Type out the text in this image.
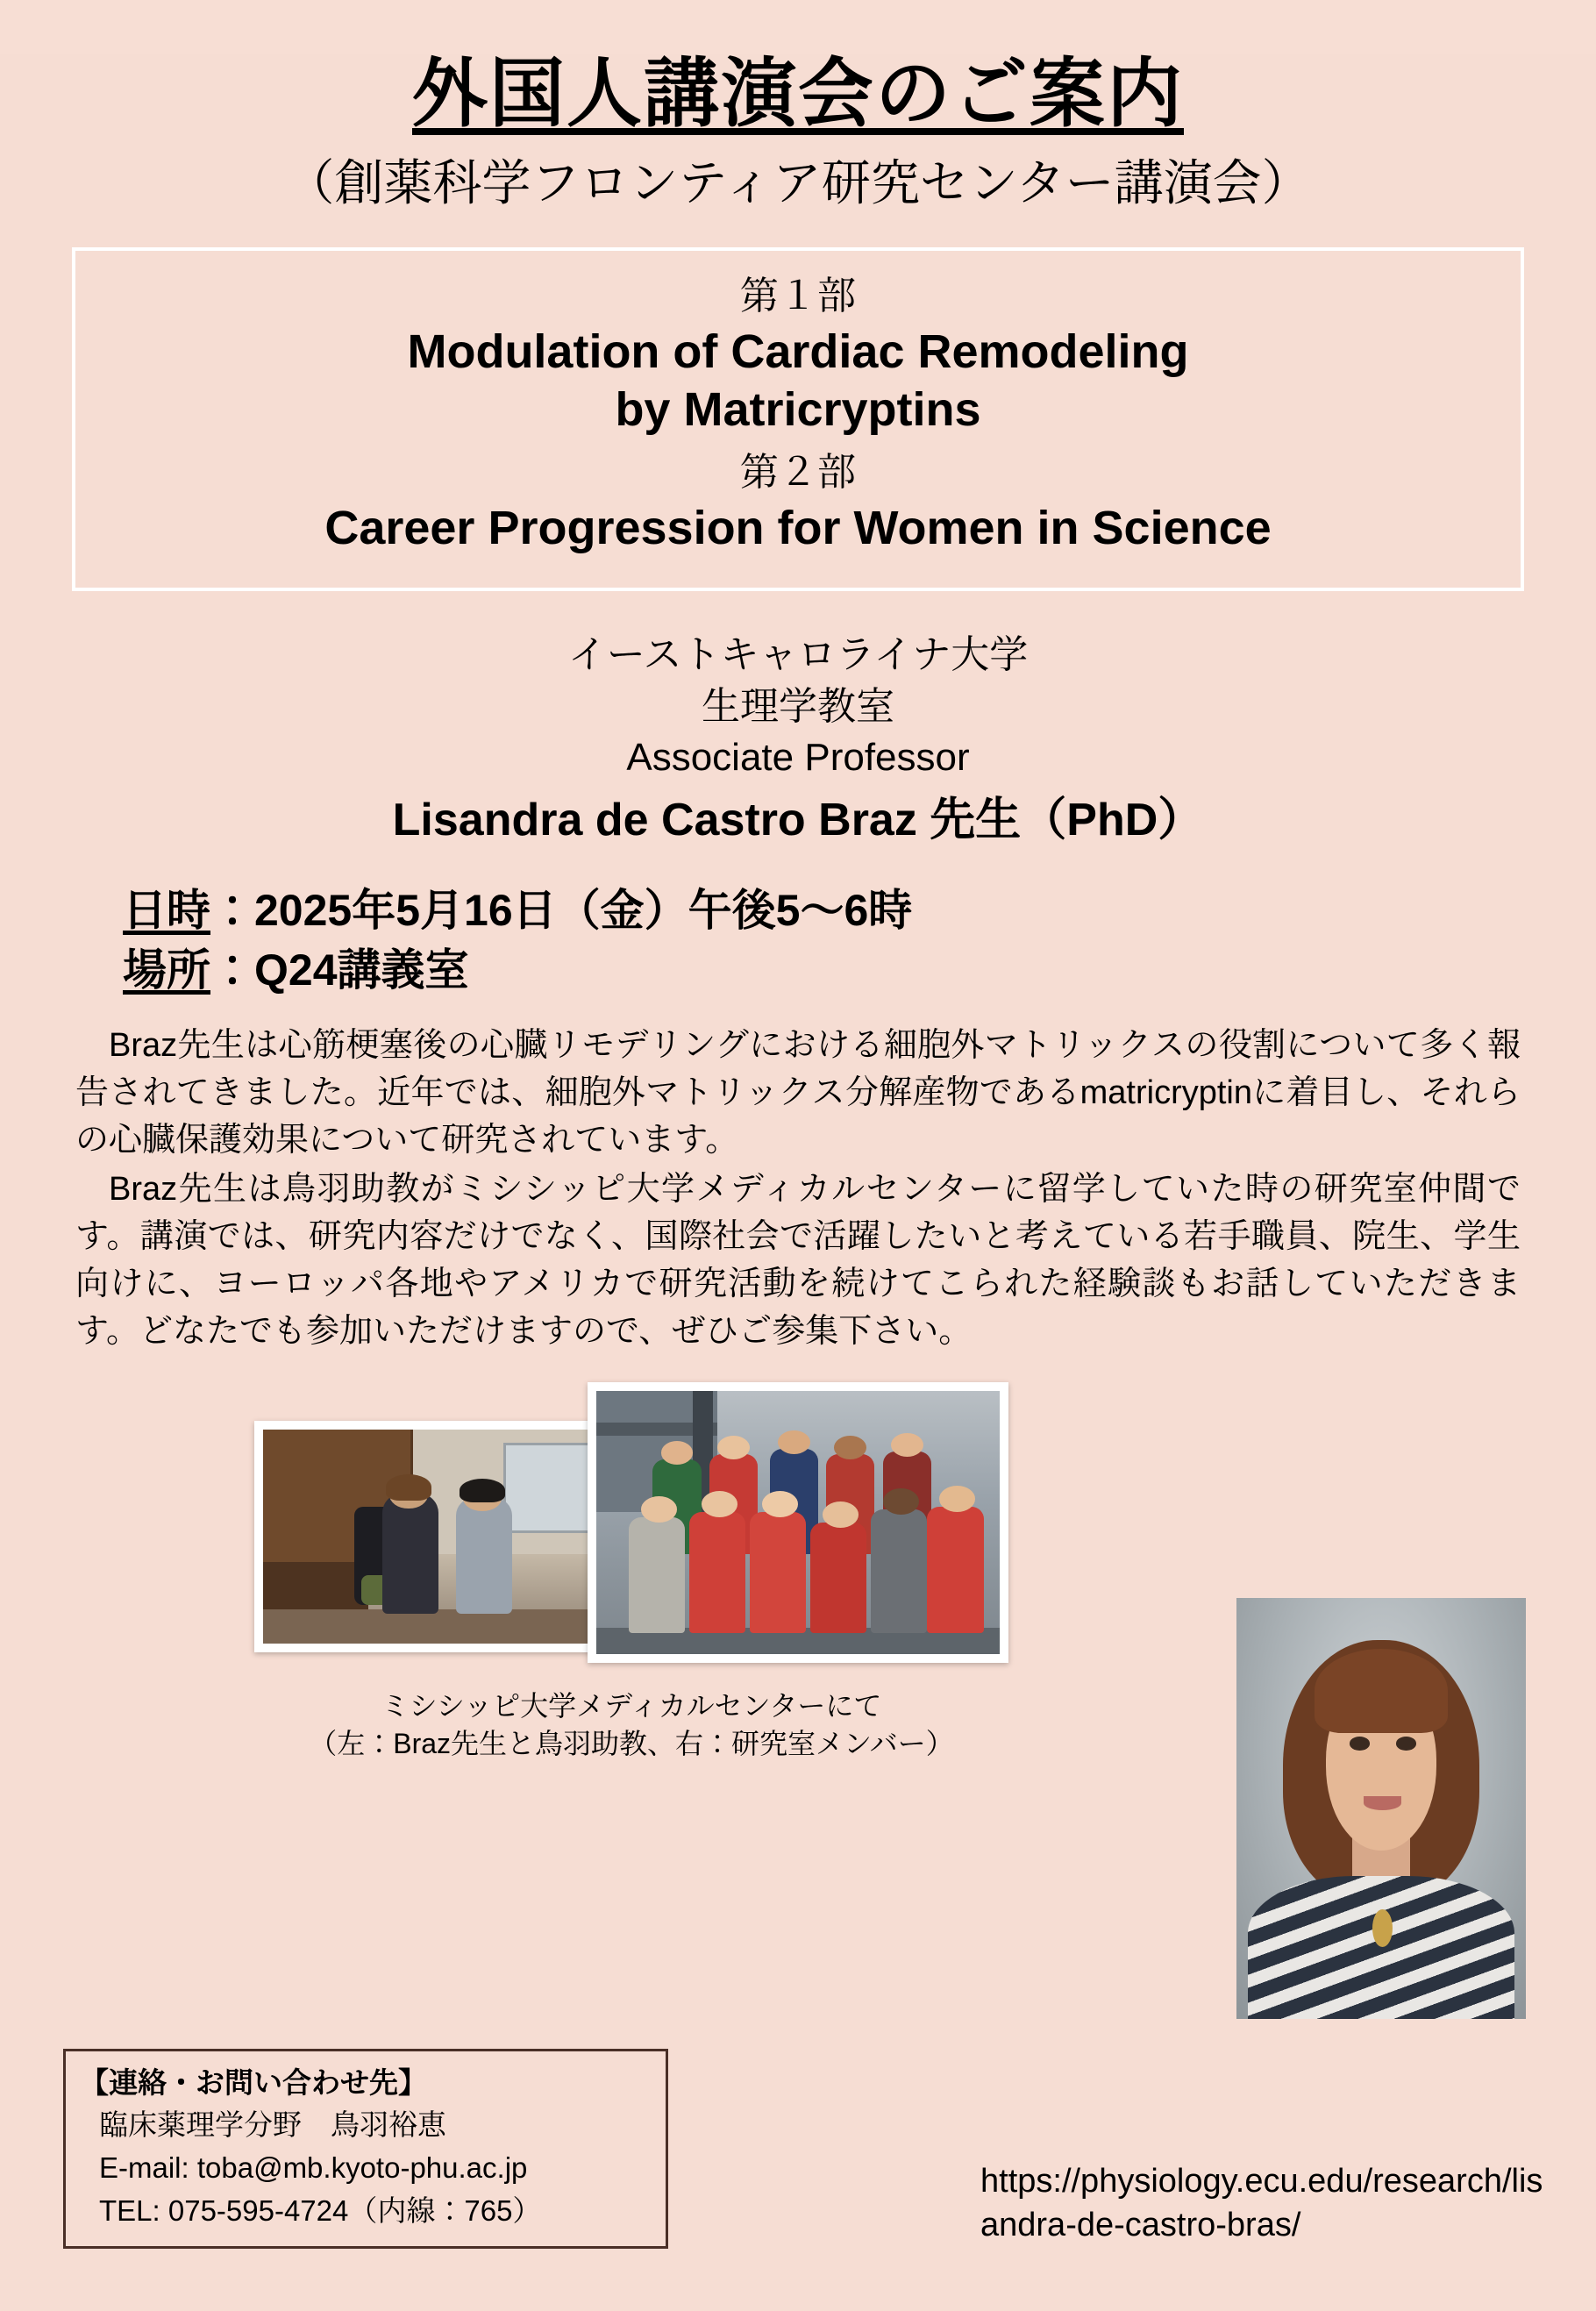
外国人講演会のご案内
（創薬科学フロンティア研究センター講演会）
第１部
Modulation of Cardiac Remodeling
by Matricryptins
第２部
Career Progression for Women in Science
イーストキャロライナ大学
生理学教室
Associate Professor
Lisandra de Castro Braz 先生（PhD）
日時：2025年5月16日（金）午後5〜6時
場所：Q24講義室

Braz先生は心筋梗塞後の心臓リモデリングにおける細胞外マトリックスの役割について多く報告されてきました。近年では、細胞外マトリックス分解産物であるmatricryptinに着目し、それらの心臓保護効果について研究されています。

Braz先生は鳥羽助教がミシシッピ大学メディカルセンターに留学していた時の研究室仲間です。講演では、研究内容だけでなく、国際社会で活躍したいと考えている若手職員、院生、学生向けに、ヨーロッパ各地やアメリカで研究活動を続けてこられた経験談もお話していただきます。どなたでも参加いただけますので、ぜひご参集下さい。

ミシシッピ大学メディカルセンターにて
（左：Braz先生と鳥羽助教、右：研究室メンバー）
【連絡・お問い合わせ先】
臨床薬理学分野　鳥羽裕恵
E-mail: toba@mb.kyoto-phu.ac.jp
TEL: 075-595-4724（内線：765）
https://physiology.ecu.edu/research/lisandra-de-castro-bras/
